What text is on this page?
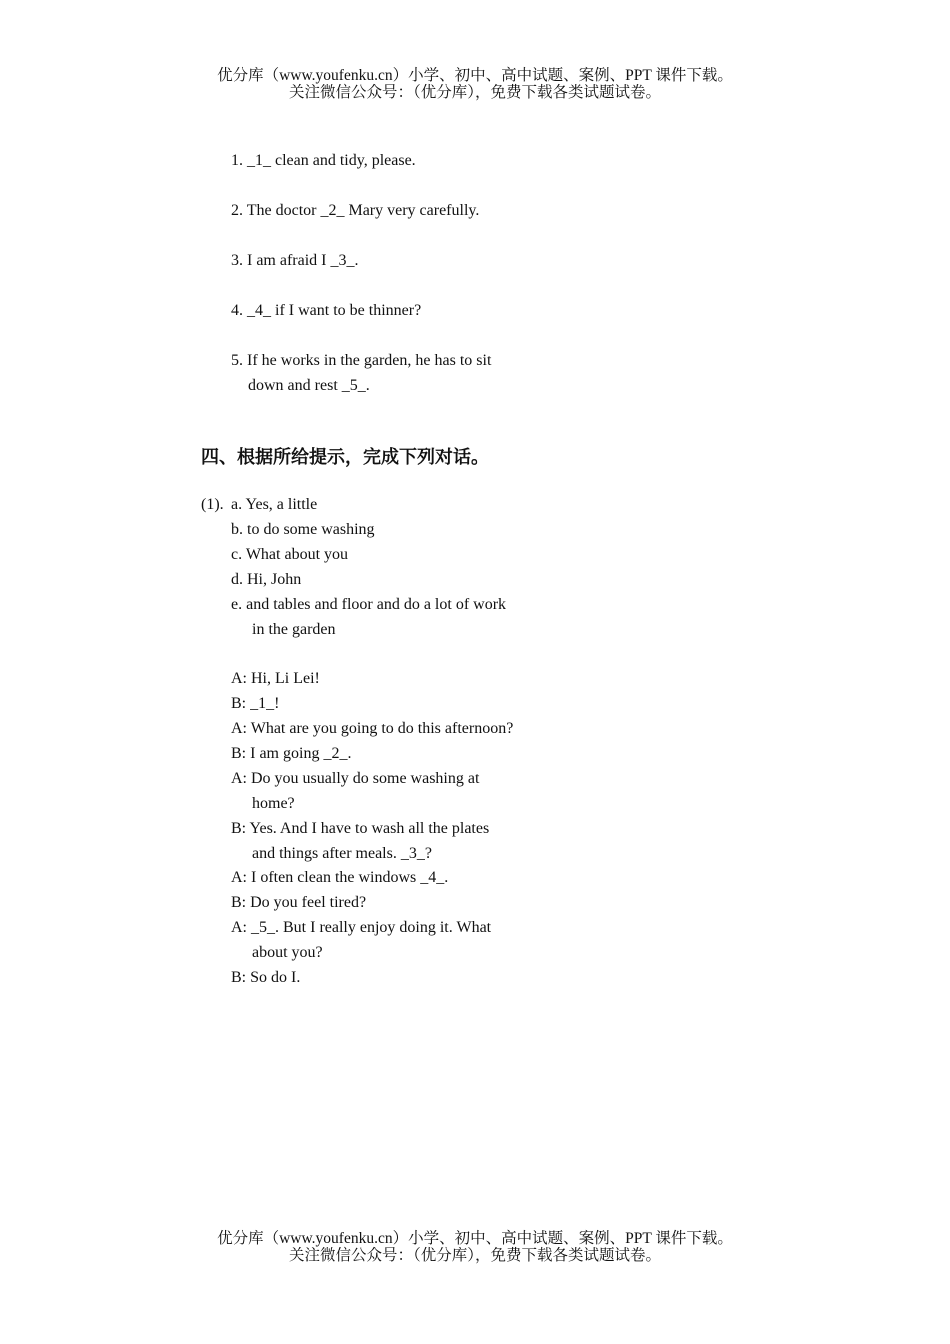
优分库（www.youfenku.cn）小学、初中、高中试题、案例、PPT 课件下载。
关注微信公众号：（优分库），免费下载各类试题试卷。
1. _1_ clean and tidy, please.
2. The doctor _2_ Mary very carefully.
3. I am afraid I _3_.
4. _4_ if I want to be thinner?
5. If he works in the garden, he has to sit
down and rest _5_.
四、根据所给提示，完成下列对话。
(1). a. Yes, a little
b. to do some washing
c. What about you
d. Hi, John
e. and tables and floor and do a lot of work
in the garden
A: Hi, Li Lei!
B: _1_!
A: What are you going to do this afternoon?
B: I am going _2_.
A: Do you usually do some washing at
home?
B: Yes. And I have to wash all the plates
and things after meals. _3_?
A: I often clean the windows _4_.
B: Do you feel tired?
A: _5_. But I really enjoy doing it. What
about you?
B: So do I.
优分库（www.youfenku.cn）小学、初中、高中试题、案例、PPT 课件下载。
关注微信公众号：（优分库），免费下载各类试题试卷。
